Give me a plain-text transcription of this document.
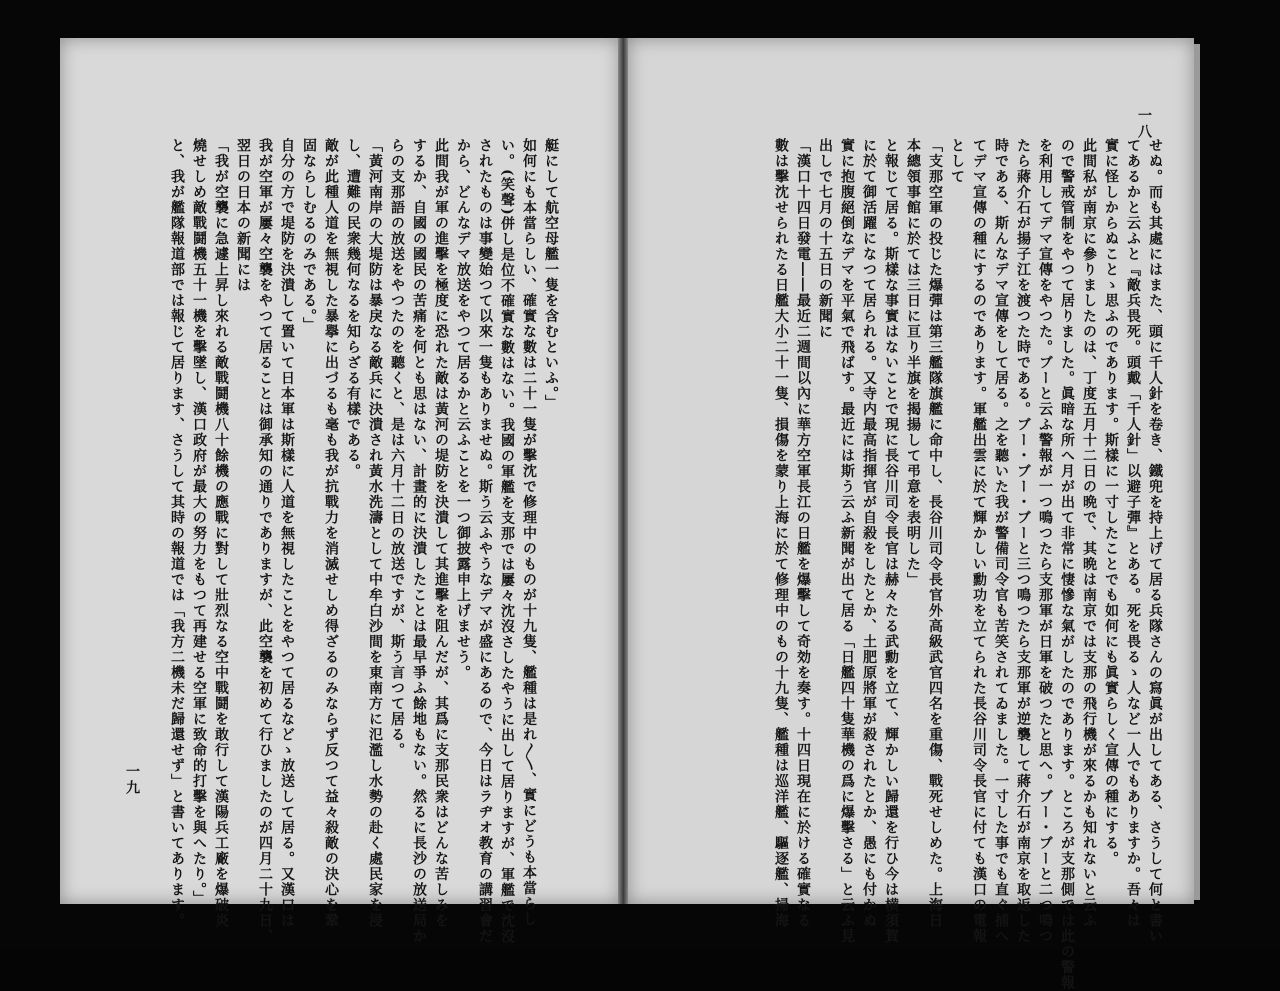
艇にして航空母艦一隻を含むといふ。」
如何にも本當らしい、確實な數は二十一隻が擊沈で修理中のものが十九隻、艦種は是れ〳〵、實にどうも本當らし
い。(笑聲)併し是位不確實な數はない。我國の軍艦を支那では屢々沈沒さしたやうに出して居りますが、軍艦で沈沒
されたものは事變始つて以來一隻もありませぬ。斯う云ふやうなデマが盛にあるので、今日はラヂオ教育の講習會だ
から、どんなデマ放送をやつて居るかと云ふことを一つ御披露申上げませう。
此間我が軍の進擊を極度に恐れた敵は黃河の堤防を決潰して其進擊を阻んだが、其爲に支那民衆はどんな苦しみを
するか、自國の國民の苦痛を何とも思はない、計畫的に決潰したことは最早爭ふ餘地もない。然るに長沙の放送局か
らの支那語の放送をやつたのを聽くと、是は六月十二日の放送ですが、斯う言つて居る。
「黃河南岸の大堤防は暴戾なる敵兵に決潰され黃水洗濤として中牟白沙間を東南方に氾濫し水勢の赴く處民家を浸
し、遭難の民衆幾何なるを知らざる有樣である。
敵が此種人道を無視した暴擧に出づるも毫も我が抗戰力を消滅せしめ得ざるのみならず反つて益々殺敵の決心を鞏
固ならしむるのみである。」
自分の方で堤防を決潰して置いて日本軍は斯樣に人道を無視したことをやつて居るなどゝ放送して居る。又漢口は
我が空軍が屢々空襲をやつて居ることは御承知の通りでありますが、此空襲を初めて行ひましたのが四月二十九日、
翌日の日本の新聞には
「我が空襲に急遽上昇し來れる敵戰鬪機八十餘機の應戰に對して壯烈なる空中戰鬪を敢行して漢陽兵工廠を爆破炎
燒せしめ敵戰鬪機五十一機を擊墜し、漢口政府が最大の努力をもつて再建せる空軍に致命的打擊を與へたり。」
と、我が艦隊報道部では報じて居ります、さうして其時の報道では「我方二機未だ歸還せず」と書いてあります。
一九	せぬ。而も其處にはまた、頭に千人針を卷き、鐵兜を持上げて居る兵隊さんの寫眞が出してある、さうして何と書い
てあるかと云ふと『敵兵畏死。頭戴「千人針」以避子彈』とある。死を畏るゝ人など一人でもありますか。吾々は
實に怪しからぬことゝ思ふのであります。斯樣に一寸したことでも如何にも眞實らしく宣傳の種にする。
此間私が南京に參りましたのは、丁度五月十二日の晩で、其晩は南京では支那の飛行機が來るかも知れないと云ふ
ので警戒管制をやつて居りました。眞暗な所へ月が出て非常に悽慘な氣がしたのであります。ところが支那側では此の警報
を利用してデマ宣傳をやつた。ブーと云ふ警報が一つ鳴つたら支那軍が日軍を破つたと思へ。ブー・ブーと二つ鳴つ
たら蔣介石が揚子江を渡つた時である。ブー・ブー・ブーと三つ鳴つたら支那軍が逆襲して蔣介石が南京を取返した
時である、斯んなデマ宣傳をして居る。之を聽いた我が警備司令官も苦笑されてゐました。一寸した事でも直ぐ捕へ
てデマ宣傳の種にするのであります。軍艦出雲に於て輝かしい勳功を立てられた長谷川司令長官に付ても漢口の電報
として
「支那空軍の投じた爆彈は第三艦隊旗艦に命中し、長谷川司令長官外高級武官四名を重傷、戰死せしめた。上海日
本總領事館に於ては三日に亘り半旗を揭揚して弔意を表明した」
と報じて居る。斯樣な事實はないことで現に長谷川司令長官は赫々たる武勳を立て、輝かしい歸還を行ひ今は横須賀
に於て御活躍になつて居られる。又寺内最高指揮官が自殺をしたとか、土肥原將軍が殺されたとか、愚にも付かぬ
實に抱腹絕倒なデマを平氣で飛ばす。最近には斯う云ふ新聞が出て居る「日艦四十隻華機の爲に爆擊さる」と云ふ見
出しで七月の十五日の新聞に
「漢口十四日發電――最近二週間以內に華方空軍長江の日艦を爆擊して奇効を奏す。十四日現在に於ける確實なる
數は擊沈せられたる日艦大小二十一隻、損傷を蒙り上海に於て修理中のもの十九隻、艦種は巡洋艦、驅逐艦、掃海
一八
